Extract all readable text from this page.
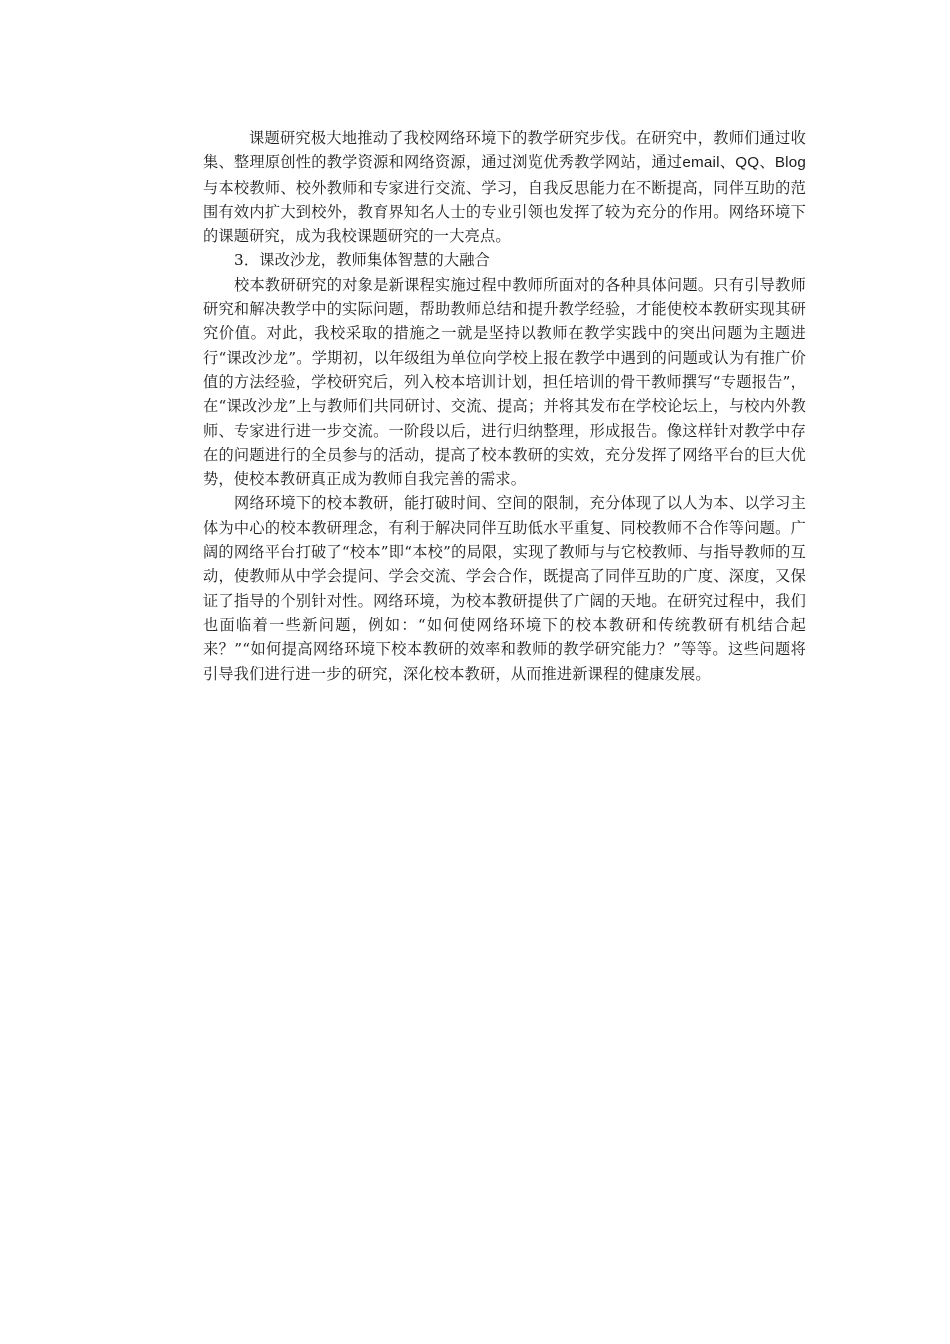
课题研究极大地推动了我校网络环境下的教学研究步伐。在研究中，教师们通过收集、整理原创性的教学资源和网络资源，通过浏览优秀教学网站，通过email、QQ、Blog 与本校教师、校外教师和专家进行交流、学习，自我反思能力在不断提高，同伴互助的范围有效内扩大到校外，教育界知名人士的专业引领也发挥了较为充分的作用。网络环境下的课题研究，成为我校课题研究的一大亮点。

3．课改沙龙，教师集体智慧的大融合

校本教研研究的对象是新课程实施过程中教师所面对的各种具体问题。只有引导教师研究和解决教学中的实际问题，帮助教师总结和提升教学经验，才能使校本教研实现其研究价值。对此，我校采取的措施之一就是坚持以教师在教学实践中的突出问题为主题进行“课改沙龙”。学期初，以年级组为单位向学校上报在教学中遇到的问题或认为有推广价值的方法经验，学校研究后，列入校本培训计划，担任培训的骨干教师撰写“专题报告”，在“课改沙龙”上与教师们共同研讨、交流、提高；并将其发布在学校论坛上，与校内外教师、专家进行进一步交流。一阶段以后，进行归纳整理，形成报告。像这样针对教学中存在的问题进行的全员参与的活动，提高了校本教研的实效，充分发挥了网络平台的巨大优势，使校本教研真正成为教师自我完善的需求。

网络环境下的校本教研，能打破时间、空间的限制，充分体现了以人为本、以学习主体为中心的校本教研理念，有利于解决同伴互助低水平重复、同校教师不合作等问题。广阔的网络平台打破了“校本”即“本校”的局限，实现了教师与与它校教师、与指导教师的互动，使教师从中学会提问、学会交流、学会合作，既提高了同伴互助的广度、深度，又保证了指导的个别针对性。网络环境，为校本教研提供了广阔的天地。在研究过程中，我们也面临着一些新问题，例如：“如何使网络环境下的校本教研和传统教研有机结合起来？”“如何提高网络环境下校本教研的效率和教师的教学研究能力？”等等。这些问题将引导我们进行进一步的研究，深化校本教研，从而推进新课程的健康发展。
